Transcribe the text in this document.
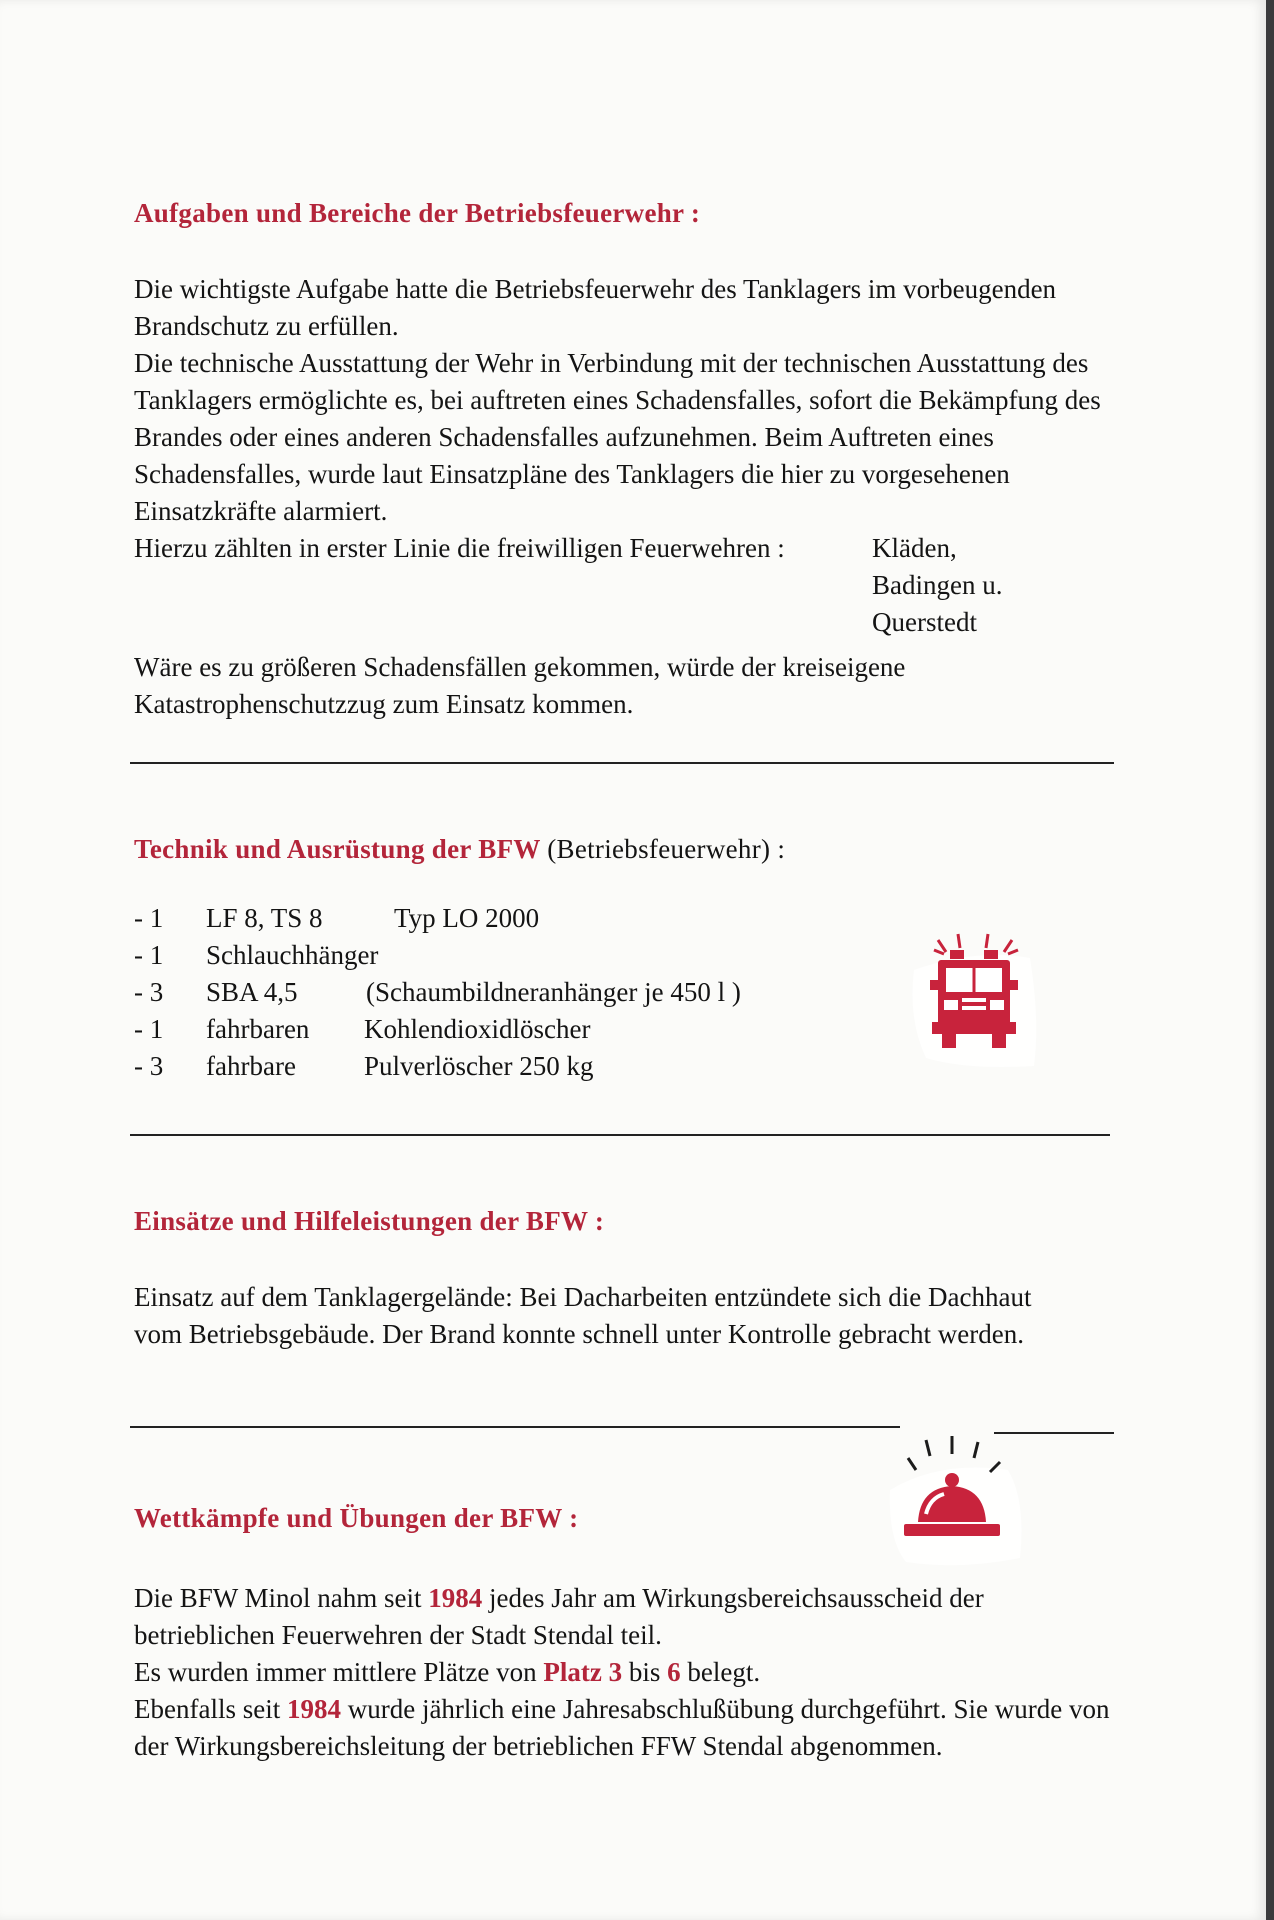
Aufgaben und Bereiche der Betriebsfeuerwehr :

Die wichtigste Aufgabe hatte die Betriebsfeuerwehr des Tanklagers im vorbeugenden Brandschutz zu erfüllen.

Die technische Ausstattung der Wehr in Verbindung mit der technischen Ausstattung des Tanklagers ermöglichte es, bei auftreten eines Schadensfalles, sofort die Bekämpfung des Brandes oder eines anderen Schadensfalles aufzunehmen. Beim Auftreten eines Schadensfalles, wurde laut Einsatzpläne des Tanklagers die hier zu vorgesehenen Einsatzkräfte alarmiert.

Hierzu zählten in erster Linie die freiwilligen Feuerwehren :	Kläden,
Badingen u.
Querstedt
Wäre es zu größeren Schadensfällen gekommen, würde der kreiseigene Katastrophenschutzzug zum Einsatz kommen.
Technik und Ausrüstung der BFW (Betriebsfeuerwehr) :
- 1 LF 8, TS 8	Typ LO 2000
- 1 Schlauchhänger
- 3 SBA 4,5	(Schaumbildneranhänger je 450 l )
- 1 fahrbaren Kohlendioxidlöscher
- 3 fahrbare	Pulverlöscher 250 kg
Einsätze und Hilfeleistungen der BFW :
Einsatz auf dem Tanklagergelände: Bei Dacharbeiten entzündete sich die Dachhaut vom Betriebsgebäude. Der Brand konnte schnell unter Kontrolle gebracht werden.
Wettkämpfe und Übungen der BFW :

Die BFW Minol nahm seit 1984 jedes Jahr am Wirkungsbereichsausscheid der betrieblichen Feuerwehren der Stadt Stendal teil.

Es wurden immer mittlere Plätze von Platz 3 bis 6 belegt.

Ebenfalls seit 1984 wurde jährlich eine Jahresabschlußübung durchgeführt. Sie wurde von der Wirkungsbereichsleitung der betrieblichen FFW Stendal abgenommen.
